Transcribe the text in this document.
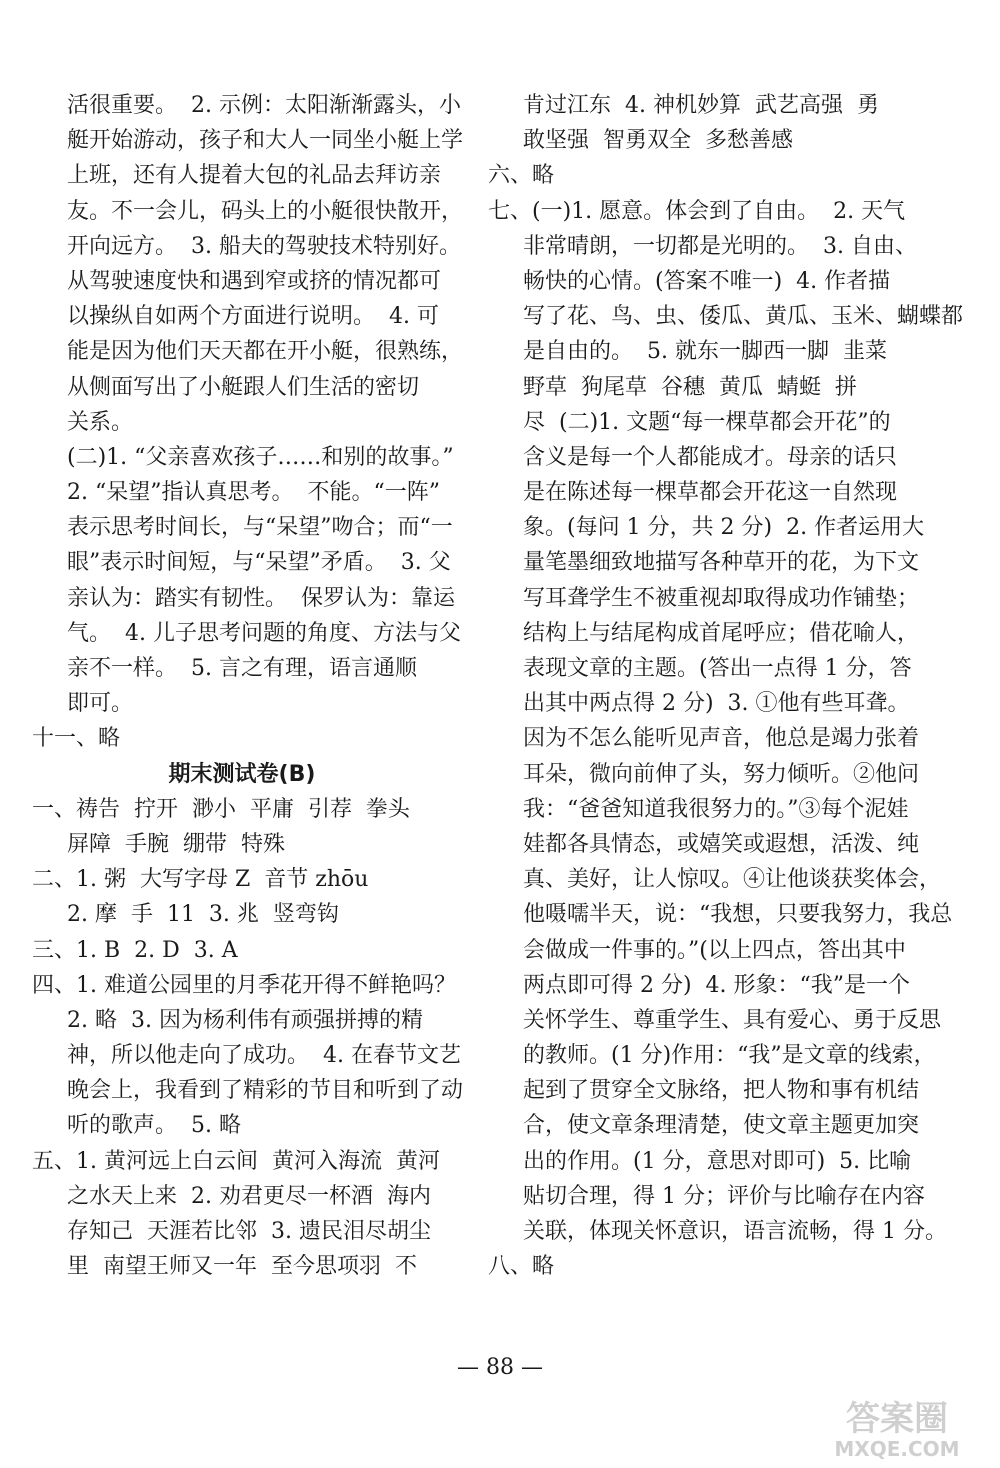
活很重要。  2. 示例：太阳渐渐露头，小
艇开始游动，孩子和大人一同坐小艇上学
上班，还有人提着大包的礼品去拜访亲
友。不一会儿，码头上的小艇很快散开，
开向远方。  3. 船夫的驾驶技术特别好。
从驾驶速度快和遇到窄或挤的情况都可
以操纵自如两个方面进行说明。  4. 可
能是因为他们天天都在开小艇，很熟练，
从侧面写出了小艇跟人们生活的密切
关系。
(二)1. “父亲喜欢孩子……和别的故事。”
2. “呆望”指认真思考。  不能。“一阵”
表示思考时间长，与“呆望”吻合；而“一
眼”表示时间短，与“呆望”矛盾。  3. 父
亲认为：踏实有韧性。  保罗认为：靠运
气。  4. 儿子思考问题的角度、方法与父
亲不一样。  5. 言之有理，语言通顺
即可。
十一、略
期末测试卷(B)
一、祷告  拧开  渺小  平庸  引荐  拳头
屏障  手腕  绷带  特殊
二、1. 粥  大写字母 Z  音节 zhōu
2. 摩  手  11  3. 兆  竖弯钩
三、1. B  2. D  3. A
四、1. 难道公园里的月季花开得不鲜艳吗？
2. 略  3. 因为杨利伟有顽强拼搏的精
神，所以他走向了成功。  4. 在春节文艺
晚会上，我看到了精彩的节目和听到了动
听的歌声。  5. 略
五、1. 黄河远上白云间  黄河入海流  黄河
之水天上来  2. 劝君更尽一杯酒  海内
存知己  天涯若比邻  3. 遗民泪尽胡尘
里  南望王师又一年  至今思项羽  不
肯过江东  4. 神机妙算  武艺高强  勇
敢坚强  智勇双全  多愁善感
六、略
七、(一)1. 愿意。体会到了自由。  2. 天气
非常晴朗，一切都是光明的。  3. 自由、
畅快的心情。(答案不唯一)  4. 作者描
写了花、鸟、虫、倭瓜、黄瓜、玉米、蝴蝶都
是自由的。  5. 就东一脚西一脚  韭菜
野草  狗尾草  谷穗  黄瓜  蜻蜓  拼
尽  (二)1. 文题“每一棵草都会开花”的
含义是每一个人都能成才。母亲的话只
是在陈述每一棵草都会开花这一自然现
象。(每问 1 分，共 2 分)  2. 作者运用大
量笔墨细致地描写各种草开的花，为下文
写耳聋学生不被重视却取得成功作铺垫；
结构上与结尾构成首尾呼应；借花喻人，
表现文章的主题。(答出一点得 1 分，答
出其中两点得 2 分)  3. ①他有些耳聋。
因为不怎么能听见声音，他总是竭力张着
耳朵，微向前伸了头，努力倾听。②他问
我：“爸爸知道我很努力的。”③每个泥娃
娃都各具情态，或嬉笑或遐想，活泼、纯
真、美好，让人惊叹。④让他谈获奖体会，
他嗫嚅半天，说：“我想，只要我努力，我总
会做成一件事的。”(以上四点，答出其中
两点即可得 2 分)  4. 形象：“我”是一个
关怀学生、尊重学生、具有爱心、勇于反思
的教师。(1 分)作用：“我”是文章的线索，
起到了贯穿全文脉络，把人物和事有机结
合，使文章条理清楚，使文章主题更加突
出的作用。(1 分，意思对即可)  5. 比喻
贴切合理，得 1 分；评价与比喻存在内容
关联，体现关怀意识，语言流畅，得 1 分。
八、略
— 88 —
答案圈
MXQE.COM
